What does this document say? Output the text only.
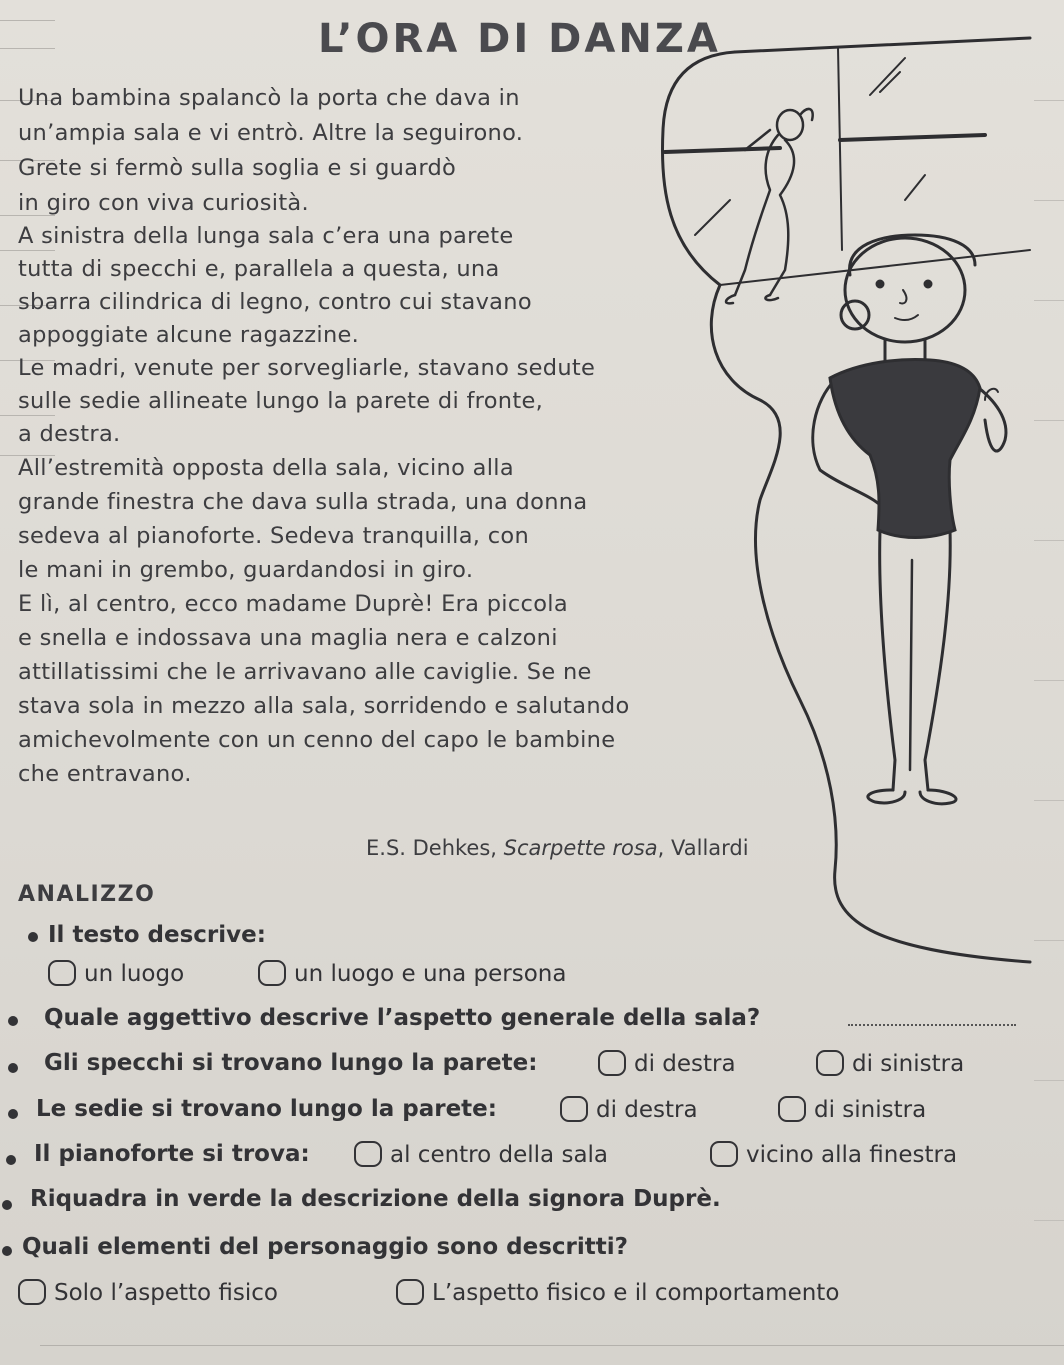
L’ORA DI DANZA
Una bambina spalancò la porta che dava in
un’ampia sala e vi entrò. Altre la seguirono.
Grete si fermò sulla soglia e si guardò
in giro con viva curiosità.
A sinistra della lunga sala c’era una parete
tutta di specchi e, parallela a questa, una
sbarra cilindrica di legno, contro cui stavano
appoggiate alcune ragazzine.
Le madri, venute per sorvegliarle, stavano sedute
sulle sedie allineate lungo la parete di fronte,
a destra.
All’estremità opposta della sala, vicino alla
grande finestra che dava sulla strada, una donna
sedeva al pianoforte. Sedeva tranquilla, con
le mani in grembo, guardandosi in giro.
E lì, al centro, ecco madame Duprè! Era piccola
e snella e indossava una maglia nera e calzoni
attillatissimi che le arrivavano alle caviglie. Se ne
stava sola in mezzo alla sala, sorridendo e salutando
amichevolmente con un cenno del capo le bambine
che entravano.
E.S. Dehkes, Scarpette rosa, Vallardi
ANALIZZO
Il testo descrive:
un luogo	un luogo e una persona
Quale aggettivo descrive l’aspetto generale della sala?
Gli specchi si trovano lungo la parete:	di destra	di sinistra
Le sedie si trovano lungo la parete:	di destra	di sinistra
Il pianoforte si trova:	al centro della sala	vicino alla finestra
Riquadra in verde la descrizione della signora Duprè.
Quali elementi del personaggio sono descritti?
Solo l’aspetto fisico	L’aspetto fisico e il comportamento
